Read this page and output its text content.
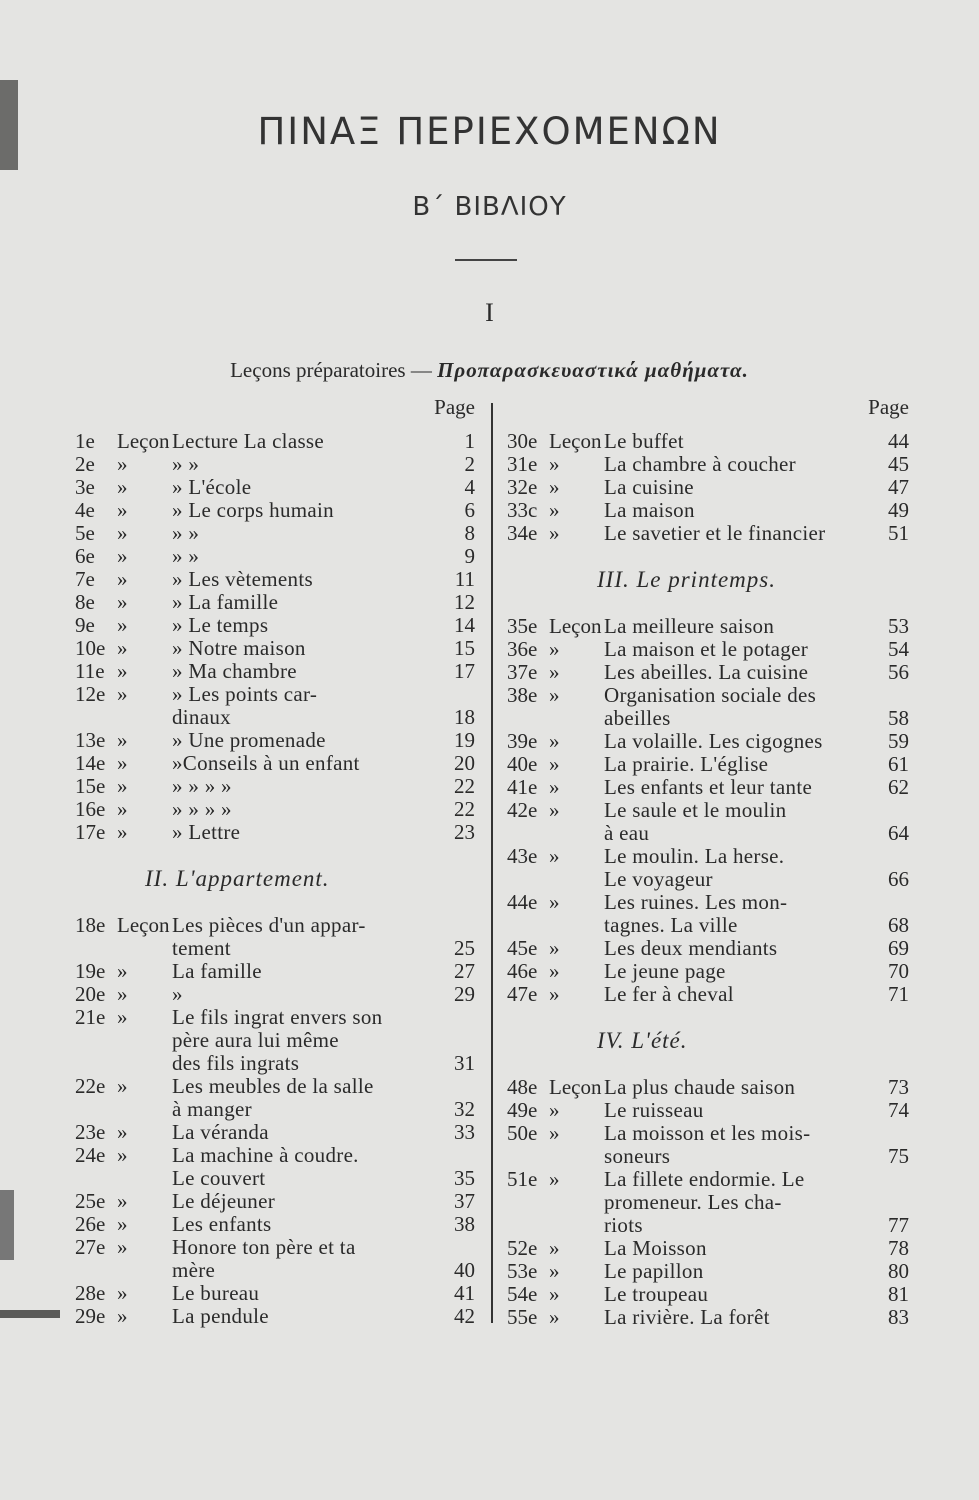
ΠΙΝΑΞ ΠΕΡΙΕΧΟΜΕΝΩΝ
Β΄ ΒΙΒΛΙΟΥ
I
Leçons préparatoires — Προπαρασκευαστικά μαθήματα.
Page
1e	Leçon Lecture La classe	1
2e	»	» »	2
3e	»	» L'école	4
4e	»	» Le corps humain	6
5e	»	» »	8
6e	»	» »	9
7e	»	» Les vètements	11
8e	»	» La famille	12
9e	»	» Le temps	14
10e »	» Notre maison	15
11e »	» Ma chambre	17
12e »	» Les points car-
dinaux	18
13e »	» Une promenade	19
14e »	»Conseils à un enfant	20
15e »	» » » »	22
16e »	» » » »	22
17e »	» Lettre	23
II. L'appartement.
18e Leçon Les pièces d'un appar-
tement	25
19e »	La famille	27
20e »	»	29
21e »	Le fils ingrat envers son
père aura lui même
des fils ingrats	31
22e »	Les meubles de la salle
à manger	32
23e »	La véranda	33
24e »	La machine à coudre.
Le couvert	35
25e »	Le déjeuner	37
26e »	Les enfants	38
27e »	Honore ton père et ta
mère	40
28e »	Le bureau	41
29e »	La pendule	42
Page
30e Leçon Le buffet	44
31e »	La chambre à coucher	45
32e »	La cuisine	47
33c »	La maison	49
34e »	Le savetier et le financier	51
III. Le printemps.
35e Leçon La meilleure saison	53
36e »	La maison et le potager	54
37e »	Les abeilles. La cuisine	56
38e »	Organisation sociale des
abeilles	58
39e »	La volaille. Les cigognes	59
40e »	La prairie. L'église	61
41e »	Les enfants et leur tante	62
42e »	Le saule et le moulin
à eau	64
43e »	Le moulin. La herse.
Le voyageur	66
44e »	Les ruines. Les mon-
tagnes. La ville	68
45e »	Les deux mendiants	69
46e »	Le jeune page	70
47e »	Le fer à cheval	71
IV. L'été.
48e Leçon La plus chaude saison	73
49e »	Le ruisseau	74
50e »	La moisson et les mois-
soneurs	75
51e »	La fillete endormie. Le
promeneur. Les cha-
riots	77
52e »	La Moisson	78
53e »	Le papillon	80
54e »	Le troupeau	81
55e »	La rivière. La forêt	83
